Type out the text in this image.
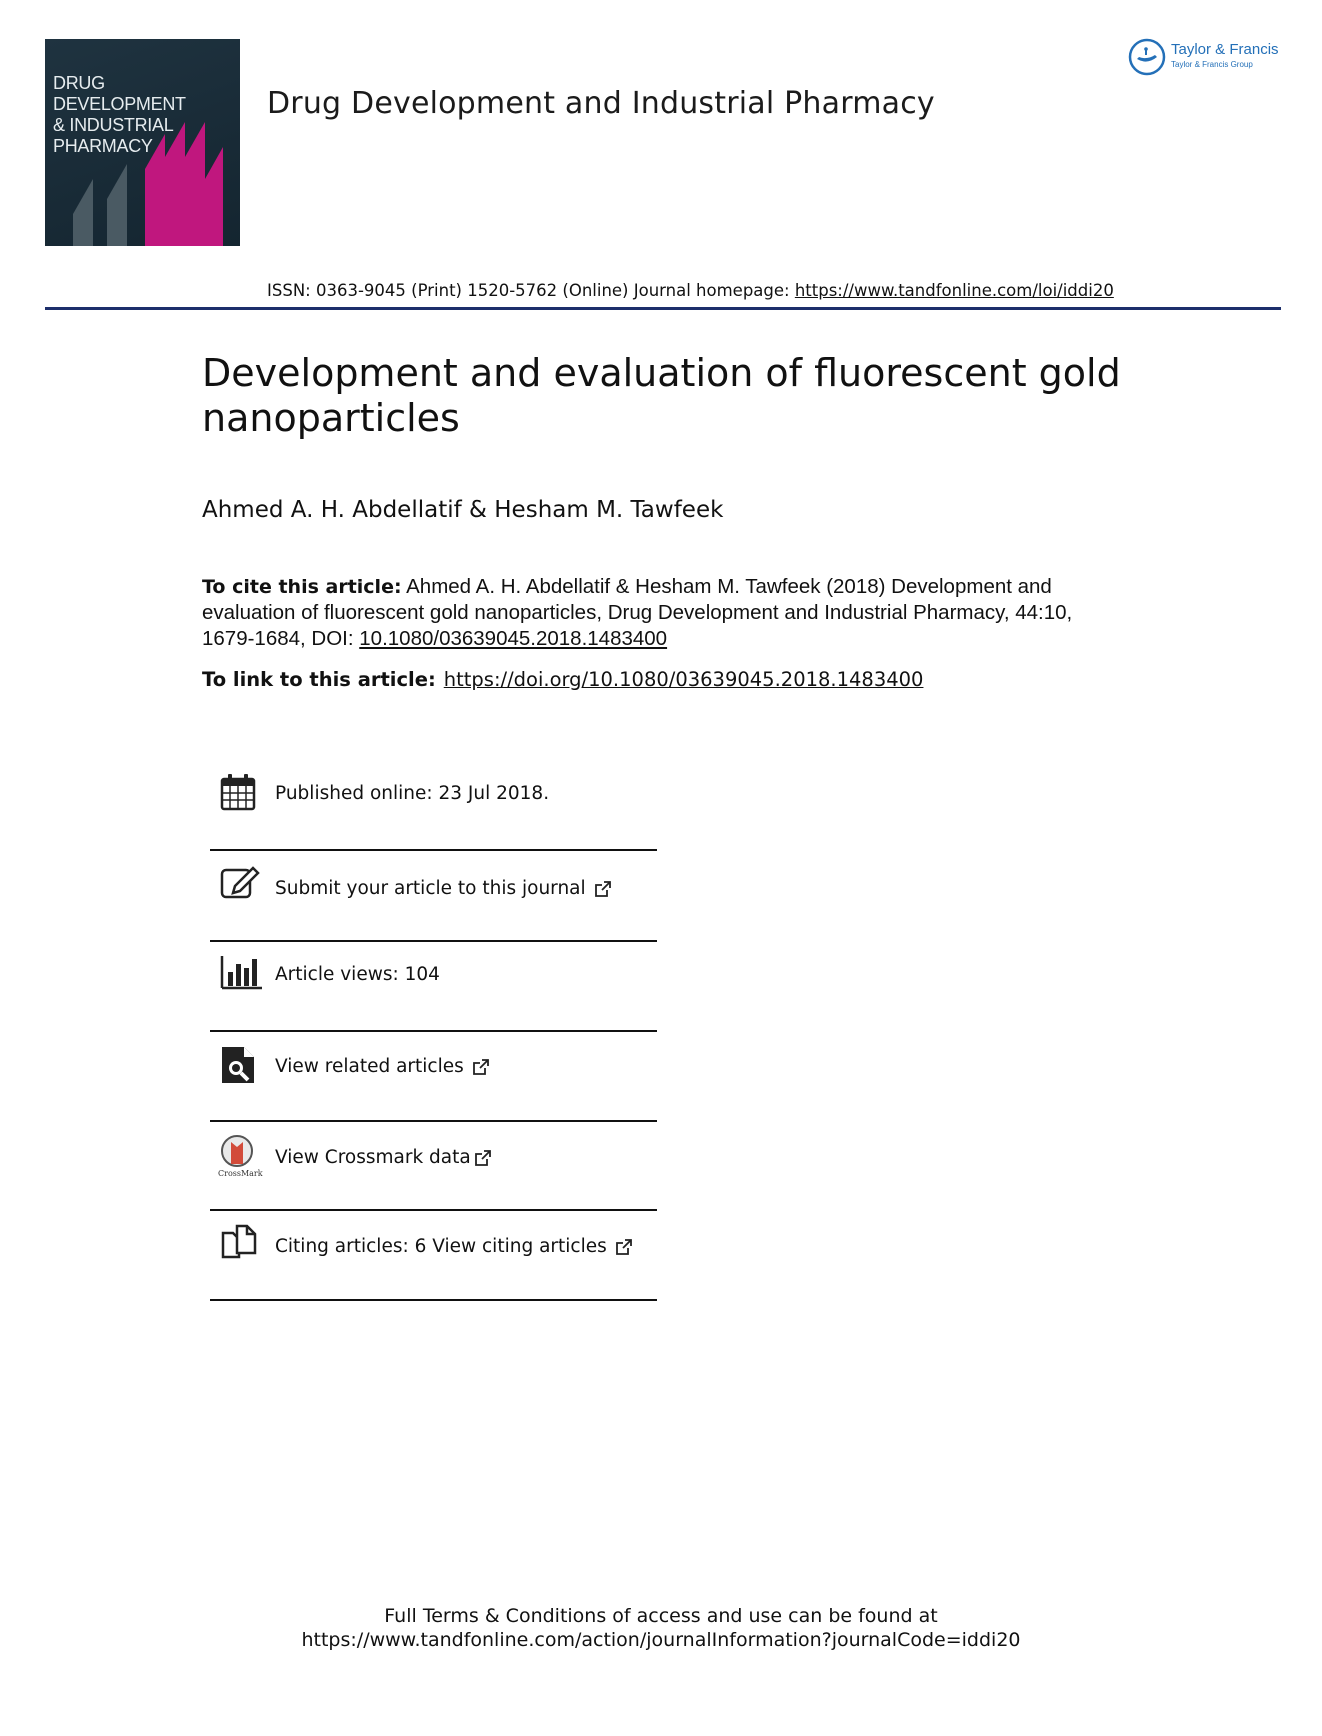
DRUG DEVELOPMENT
& INDUSTRIAL
PHARMACY
Drug Development and Industrial Pharmacy
Taylor & Francis
Taylor & Francis Group
ISSN: 0363-9045 (Print) 1520-5762 (Online) Journal homepage: https://www.tandfonline.com/loi/iddi20
Development and evaluation of fluorescent gold nanoparticles
Ahmed A. H. Abdellatif & Hesham M. Tawfeek
To cite this article: Ahmed A. H. Abdellatif & Hesham M. Tawfeek (2018) Development and evaluation of fluorescent gold nanoparticles, Drug Development and Industrial Pharmacy, 44:10, 1679-1684, DOI: 10.1080/03639045.2018.1483400
To link to this article: https://doi.org/10.1080/03639045.2018.1483400
Published online: 23 Jul 2018.
Submit your article to this journal
Article views: 104
View related articles
CrossMark
View Crossmark data
Citing articles: 6 View citing articles
Full Terms & Conditions of access and use can be found at
https://www.tandfonline.com/action/journalInformation?journalCode=iddi20
